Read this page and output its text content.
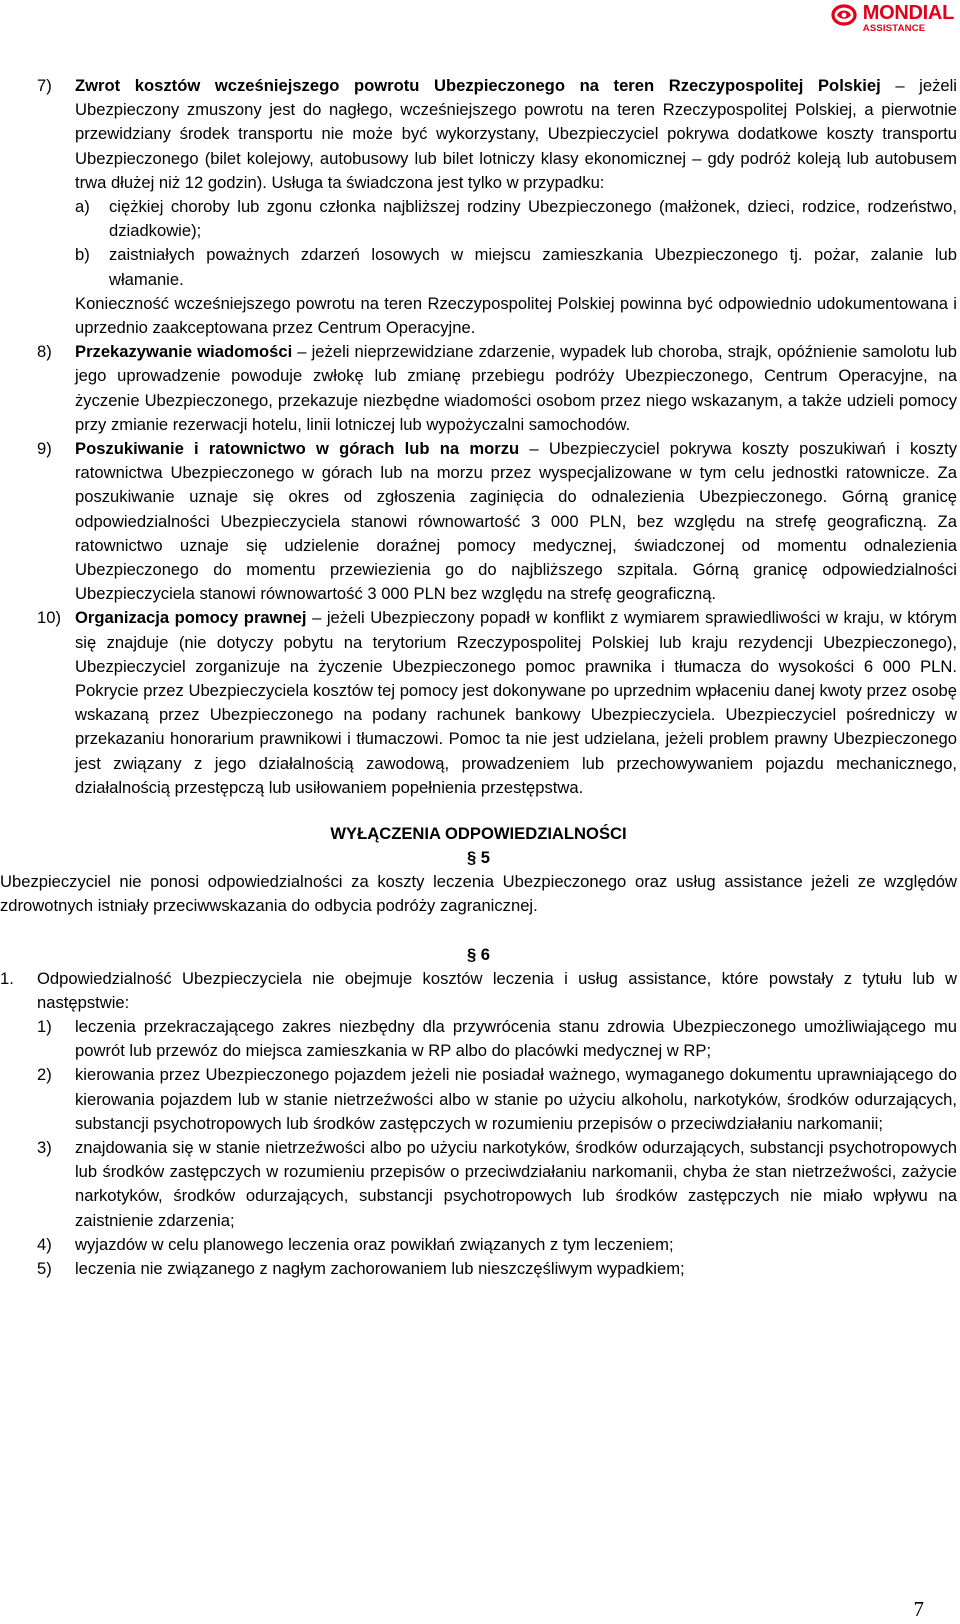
MONDIAL
ASSISTANCE
7) Zwrot kosztów wcześniejszego powrotu Ubezpieczonego na teren Rzeczypospolitej Polskiej – jeżeli Ubezpieczony zmuszony jest do nagłego, wcześniejszego powrotu na teren Rzeczypospolitej Polskiej, a pierwotnie przewidziany środek transportu nie może być wykorzystany, Ubezpieczyciel pokrywa dodatkowe koszty transportu Ubezpieczonego (bilet kolejowy, autobusowy lub bilet lotniczy klasy ekonomicznej – gdy podróż koleją lub autobusem trwa dłużej niż 12 godzin). Usługa ta świadczona jest tylko w przypadku:
a) ciężkiej choroby lub zgonu członka najbliższej rodziny Ubezpieczonego (małżonek, dzieci, rodzice, rodzeństwo, dziadkowie);
b) zaistniałych poważnych zdarzeń losowych w miejscu zamieszkania Ubezpieczonego tj. pożar, zalanie lub włamanie.
Konieczność wcześniejszego powrotu na teren Rzeczypospolitej Polskiej powinna być odpowiednio udokumentowana i uprzednio zaakceptowana przez Centrum Operacyjne.
8) Przekazywanie wiadomości – jeżeli nieprzewidziane zdarzenie, wypadek lub choroba, strajk, opóźnienie samolotu lub jego uprowadzenie powoduje zwłokę lub zmianę przebiegu podróży Ubezpieczonego, Centrum Operacyjne, na życzenie Ubezpieczonego, przekazuje niezbędne wiadomości osobom przez niego wskazanym, a także udzieli pomocy przy zmianie rezerwacji hotelu, linii lotniczej lub wypożyczalni samochodów.
9) Poszukiwanie i ratownictwo w górach lub na morzu – Ubezpieczyciel pokrywa koszty poszukiwań i koszty ratownictwa Ubezpieczonego w górach lub na morzu przez wyspecjalizowane w tym celu jednostki ratownicze. Za poszukiwanie uznaje się okres od zgłoszenia zaginięcia do odnalezienia Ubezpieczonego. Górną granicę odpowiedzialności Ubezpieczyciela stanowi równowartość 3 000 PLN, bez względu na strefę geograficzną. Za ratownictwo uznaje się udzielenie doraźnej pomocy medycznej, świadczonej od momentu odnalezienia Ubezpieczonego do momentu przewiezienia go do najbliższego szpitala. Górną granicę odpowiedzialności Ubezpieczyciela stanowi równowartość 3 000 PLN bez względu na strefę geograficzną.
10) Organizacja pomocy prawnej – jeżeli Ubezpieczony popadł w konflikt z wymiarem sprawiedliwości w kraju, w którym się znajduje (nie dotyczy pobytu na terytorium Rzeczypospolitej Polskiej lub kraju rezydencji Ubezpieczonego), Ubezpieczyciel zorganizuje na życzenie Ubezpieczonego pomoc prawnika i tłumacza do wysokości 6 000 PLN. Pokrycie przez Ubezpieczyciela kosztów tej pomocy jest dokonywane po uprzednim wpłaceniu danej kwoty przez osobę wskazaną przez Ubezpieczonego na podany rachunek bankowy Ubezpieczyciela. Ubezpieczyciel pośredniczy w przekazaniu honorarium prawnikowi i tłumaczowi. Pomoc ta nie jest udzielana, jeżeli problem prawny Ubezpieczonego jest związany z jego działalnością zawodową, prowadzeniem lub przechowywaniem pojazdu mechanicznego, działalnością przestępczą lub usiłowaniem popełnienia przestępstwa.
WYŁĄCZENIA ODPOWIEDZIALNOŚCI
§ 5
Ubezpieczyciel nie ponosi odpowiedzialności za koszty leczenia Ubezpieczonego oraz usług assistance jeżeli ze względów zdrowotnych istniały przeciwwskazania do odbycia podróży zagranicznej.
§ 6
1. Odpowiedzialność Ubezpieczyciela nie obejmuje kosztów leczenia i usług assistance, które powstały z tytułu lub w następstwie:
1) leczenia przekraczającego zakres niezbędny dla przywrócenia stanu zdrowia Ubezpieczonego umożliwiającego mu powrót lub przewóz do miejsca zamieszkania w RP albo do placówki medycznej w RP;
2) kierowania przez Ubezpieczonego pojazdem jeżeli nie posiadał ważnego, wymaganego dokumentu uprawniającego do kierowania pojazdem lub w stanie nietrzeźwości albo w stanie po użyciu alkoholu, narkotyków, środków odurzających, substancji psychotropowych lub środków zastępczych w rozumieniu przepisów o przeciwdziałaniu narkomanii;
3) znajdowania się w stanie nietrzeźwości albo po użyciu narkotyków, środków odurzających, substancji psychotropowych lub środków zastępczych w rozumieniu przepisów o przeciwdziałaniu narkomanii, chyba że stan nietrzeźwości, zażycie narkotyków, środków odurzających, substancji psychotropowych lub środków zastępczych nie miało wpływu na zaistnienie zdarzenia;
4) wyjazdów w celu planowego leczenia oraz powikłań związanych z tym leczeniem;
5) leczenia nie związanego z nagłym zachorowaniem lub nieszczęśliwym wypadkiem;
7
